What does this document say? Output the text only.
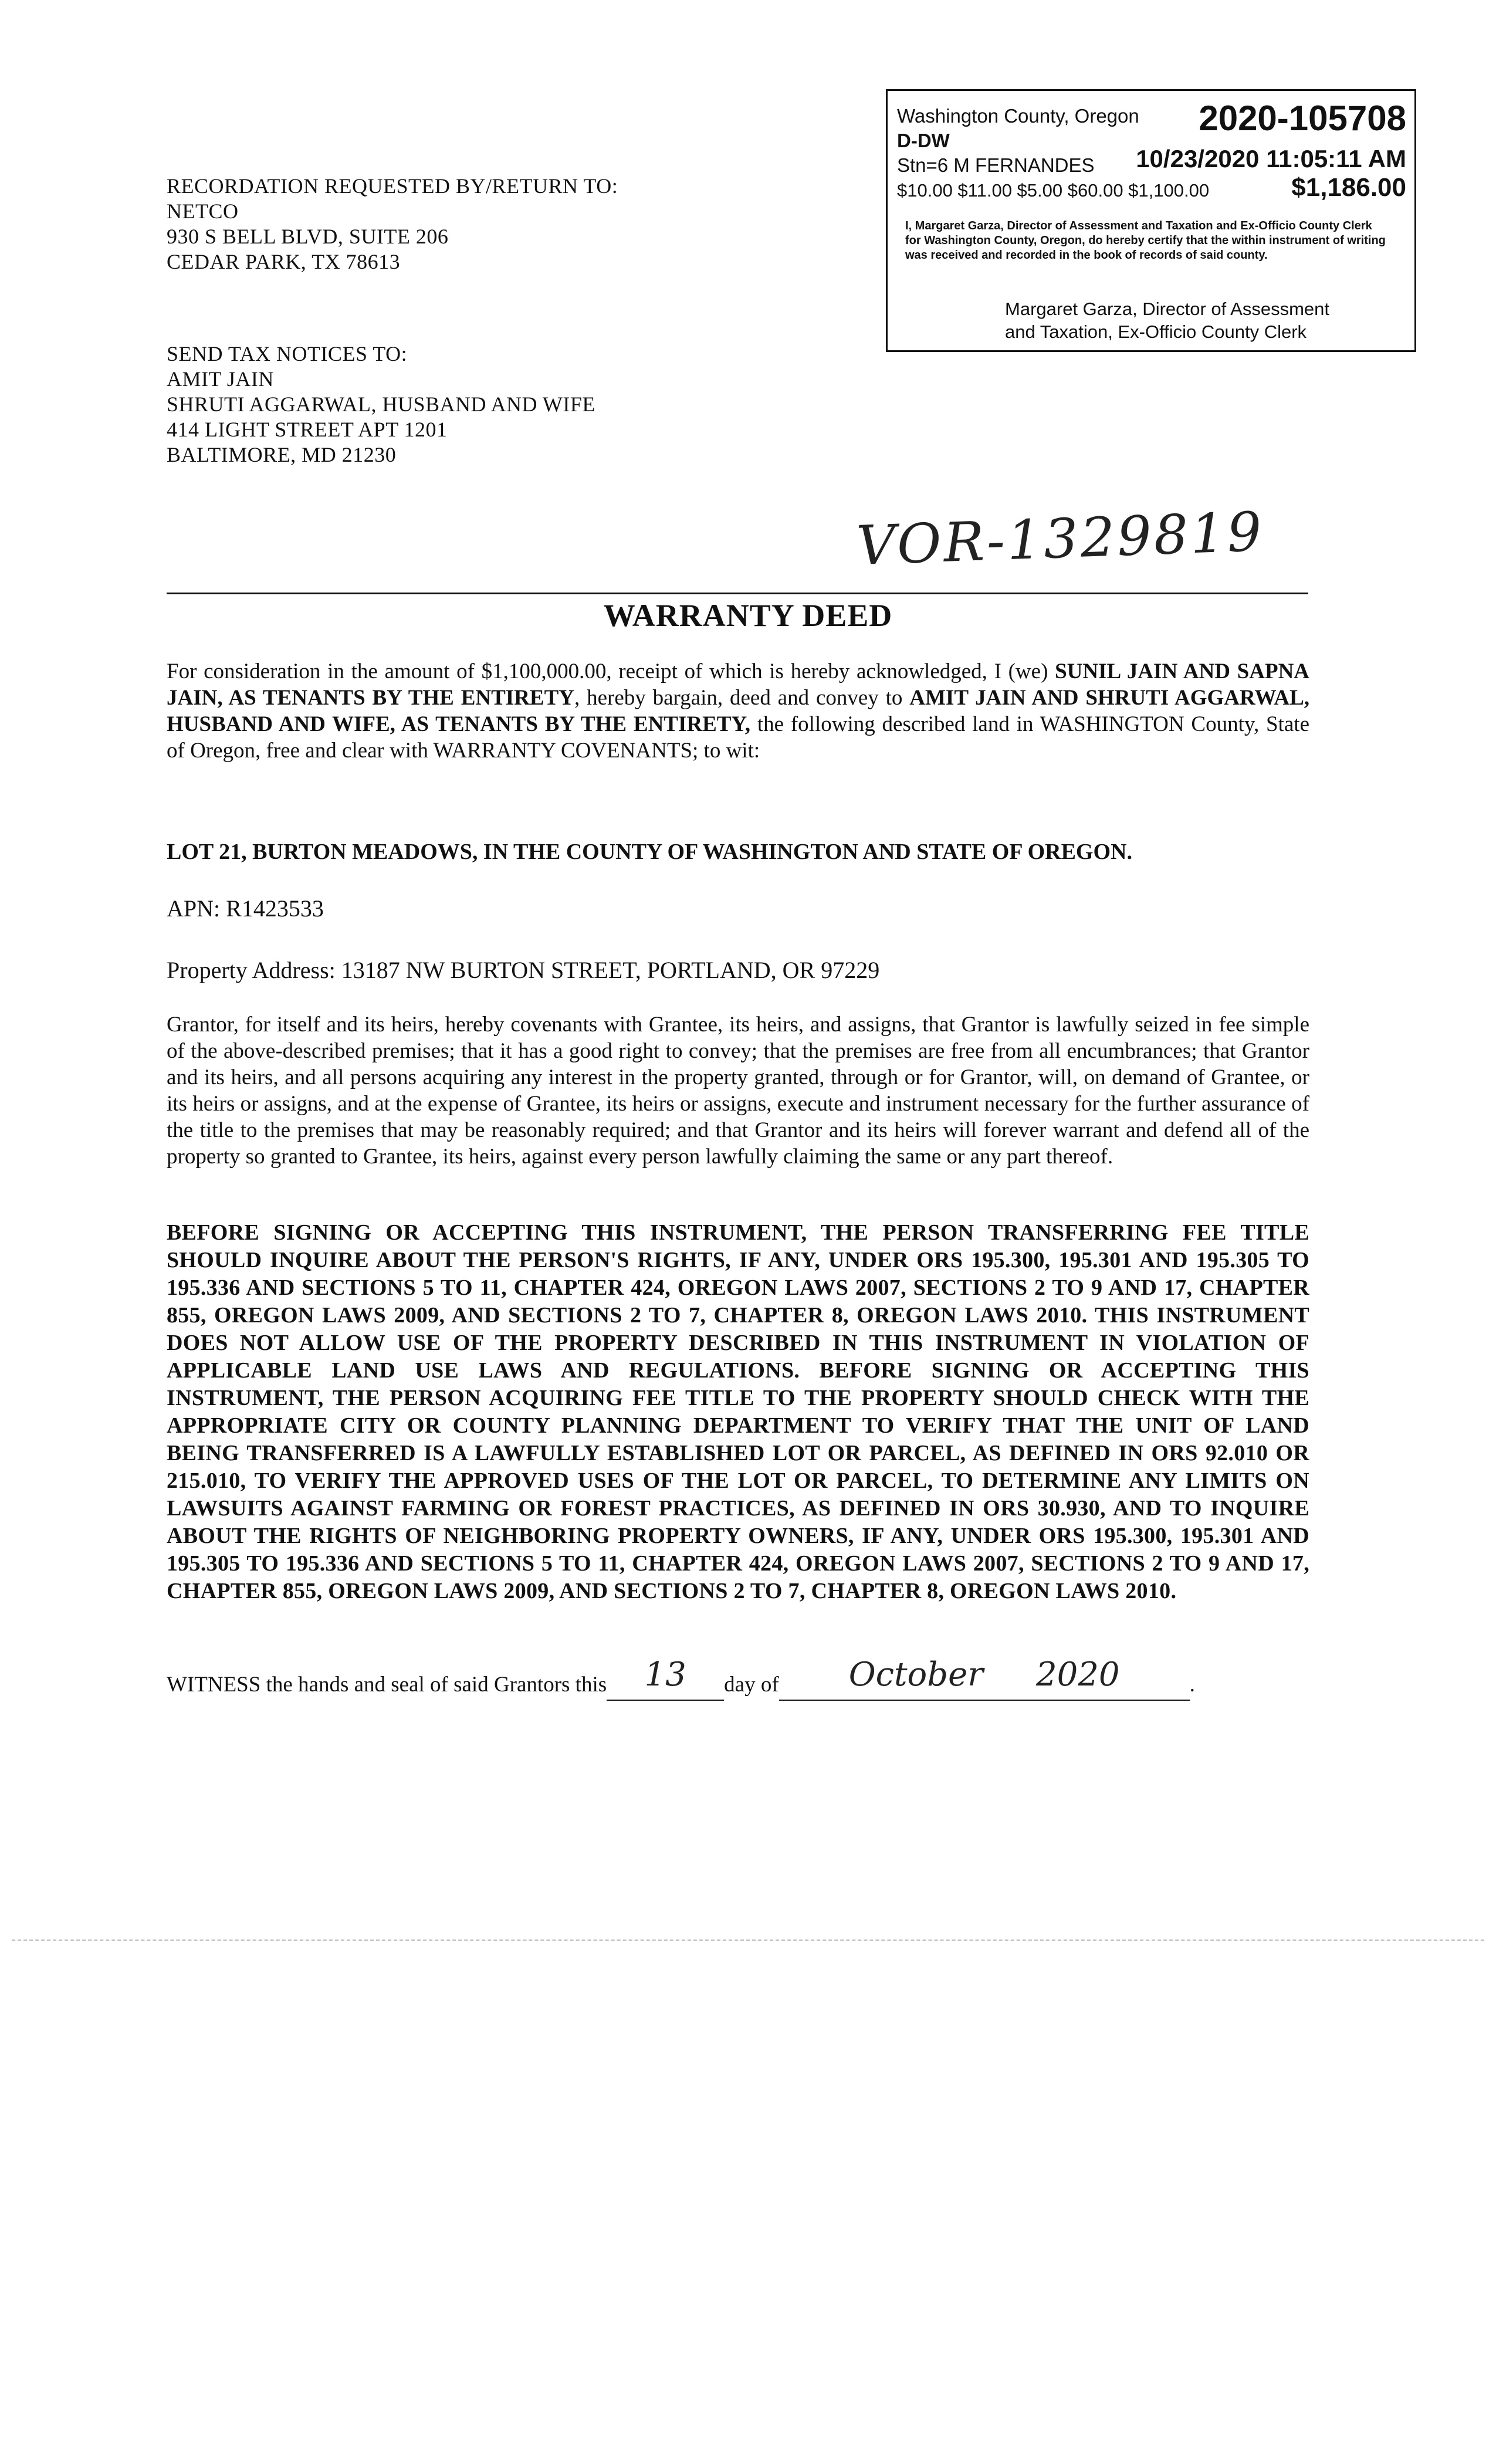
Washington County, Oregon 2020-105708
D-DW
Stn=6 M FERNANDES 10/23/2020 11:05:11 AM
$10.00 $11.00 $5.00 $60.00 $1,100.00	$1,186.00
I, Margaret Garza, Director of Assessment and Taxation and Ex-Officio County Clerk for Washington County, Oregon, do hereby certify that the within instrument of writing was received and recorded in the book of records of said county.
Margaret Garza, Director of Assessment
and Taxation, Ex-Officio County Clerk
RECORDATION REQUESTED BY/RETURN TO:
NETCO
930 S BELL BLVD, SUITE 206
CEDAR PARK, TX 78613
SEND TAX NOTICES TO:
AMIT JAIN
SHRUTI AGGARWAL, HUSBAND AND WIFE
414 LIGHT STREET APT 1201
BALTIMORE, MD 21230
VOR-1329819
WARRANTY DEED
For consideration in the amount of $1,100,000.00, receipt of which is hereby acknowledged, I (we) SUNIL JAIN AND SAPNA JAIN, AS TENANTS BY THE ENTIRETY, hereby bargain, deed and convey to AMIT JAIN AND SHRUTI AGGARWAL, HUSBAND AND WIFE, AS TENANTS BY THE ENTIRETY, the following described land in WASHINGTON County, State of Oregon, free and clear with WARRANTY COVENANTS; to wit:
LOT 21, BURTON MEADOWS, IN THE COUNTY OF WASHINGTON AND STATE OF OREGON.
APN: R1423533
Property Address: 13187 NW BURTON STREET, PORTLAND, OR 97229
Grantor, for itself and its heirs, hereby covenants with Grantee, its heirs, and assigns, that Grantor is lawfully seized in fee simple of the above-described premises; that it has a good right to convey; that the premises are free from all encumbrances; that Grantor and its heirs, and all persons acquiring any interest in the property granted, through or for Grantor, will, on demand of Grantee, or its heirs or assigns, and at the expense of Grantee, its heirs or assigns, execute and instrument necessary for the further assurance of the title to the premises that may be reasonably required; and that Grantor and its heirs will forever warrant and defend all of the property so granted to Grantee, its heirs, against every person lawfully claiming the same or any part thereof.
BEFORE SIGNING OR ACCEPTING THIS INSTRUMENT, THE PERSON TRANSFERRING FEE TITLE SHOULD INQUIRE ABOUT THE PERSON'S RIGHTS, IF ANY, UNDER ORS 195.300, 195.301 AND 195.305 TO 195.336 AND SECTIONS 5 TO 11, CHAPTER 424, OREGON LAWS 2007, SECTIONS 2 TO 9 AND 17, CHAPTER 855, OREGON LAWS 2009, AND SECTIONS 2 TO 7, CHAPTER 8, OREGON LAWS 2010. THIS INSTRUMENT DOES NOT ALLOW USE OF THE PROPERTY DESCRIBED IN THIS INSTRUMENT IN VIOLATION OF APPLICABLE LAND USE LAWS AND REGULATIONS. BEFORE SIGNING OR ACCEPTING THIS INSTRUMENT, THE PERSON ACQUIRING FEE TITLE TO THE PROPERTY SHOULD CHECK WITH THE APPROPRIATE CITY OR COUNTY PLANNING DEPARTMENT TO VERIFY THAT THE UNIT OF LAND BEING TRANSFERRED IS A LAWFULLY ESTABLISHED LOT OR PARCEL, AS DEFINED IN ORS 92.010 OR 215.010, TO VERIFY THE APPROVED USES OF THE LOT OR PARCEL, TO DETERMINE ANY LIMITS ON LAWSUITS AGAINST FARMING OR FOREST PRACTICES, AS DEFINED IN ORS 30.930, AND TO INQUIRE ABOUT THE RIGHTS OF NEIGHBORING PROPERTY OWNERS, IF ANY, UNDER ORS 195.300, 195.301 AND 195.305 TO 195.336 AND SECTIONS 5 TO 11, CHAPTER 424, OREGON LAWS 2007, SECTIONS 2 TO 9 AND 17, CHAPTER 855, OREGON LAWS 2009, AND SECTIONS 2 TO 7, CHAPTER 8, OREGON LAWS 2010.
WITNESS the hands and seal of said Grantors this 13 day of October 2020	.
